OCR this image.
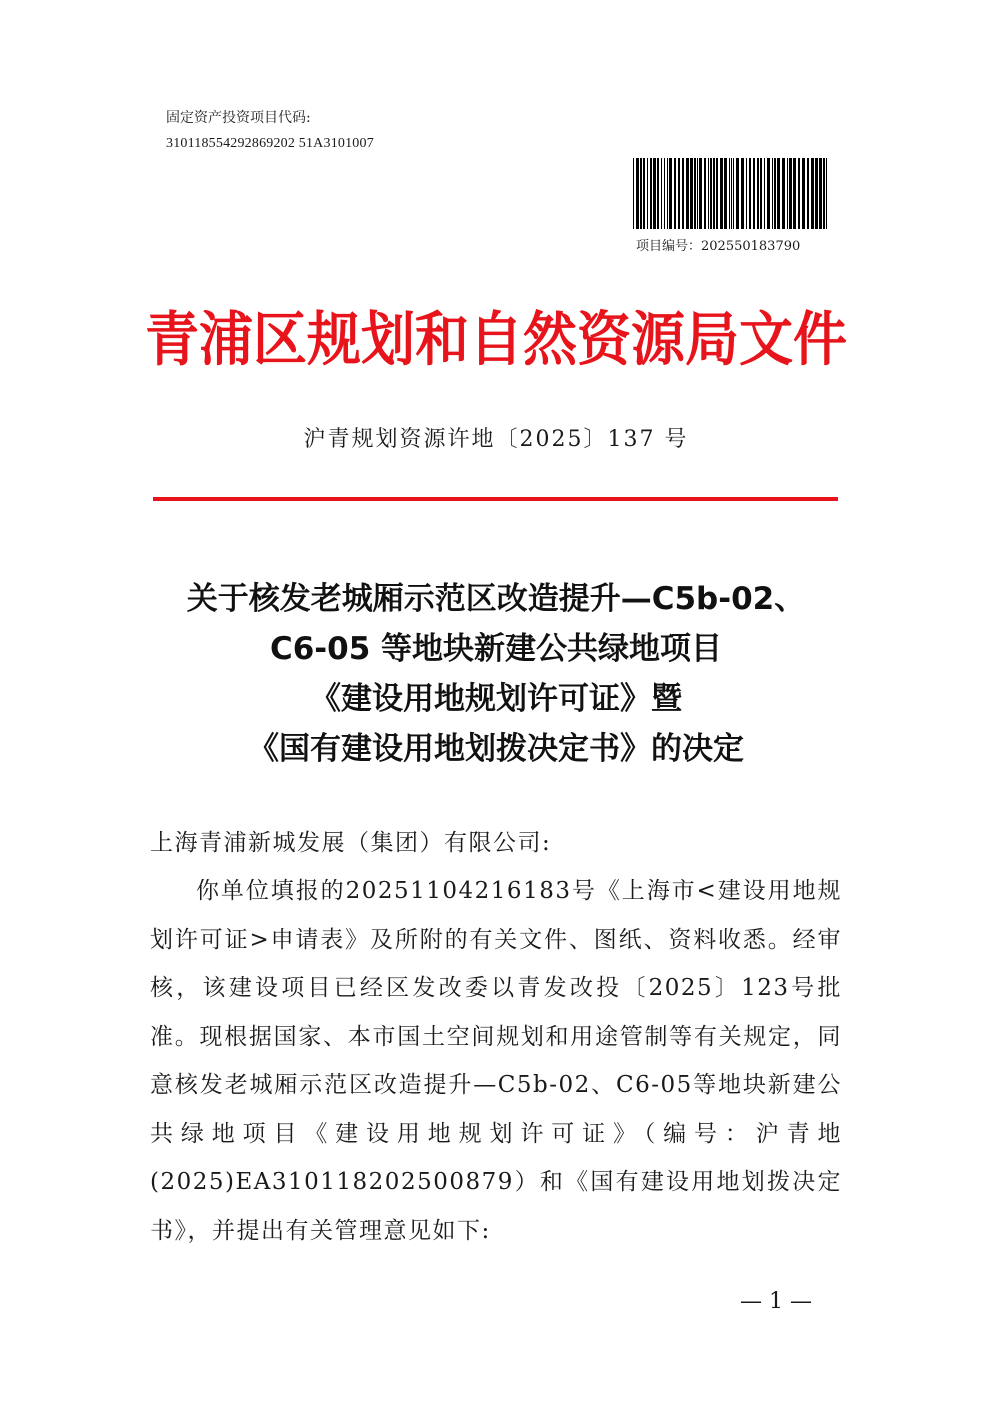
固定资产投资项目代码:
310118554292869202 51A3101007
项目编号：202550183790
青浦区规划和自然资源局文件
沪青规划资源许地〔2025〕137 号
关于核发老城厢示范区改造提升—C5b-02、
C6-05 等地块新建公共绿地项目
《建设用地规划许可证》暨
《国有建设用地划拨决定书》的决定
上海青浦新城发展（集团）有限公司:
你单位填报的20251104216183号《上海市<建设用地规划许可证>申请表》及所附的有关文件、图纸、资料收悉。经审核，该建设项目已经区发改委以青发改投〔2025〕123号批准。现根据国家、本市国土空间规划和用途管制等有关规定，同意核发老城厢示范区改造提升—C5b-02、C6-05等地块新建公共绿地项目《建设用地规划许可证》（编号：沪青地(2025)EA310118202500879）和《国有建设用地划拨决定书》，并提出有关管理意见如下:
— 1 —
